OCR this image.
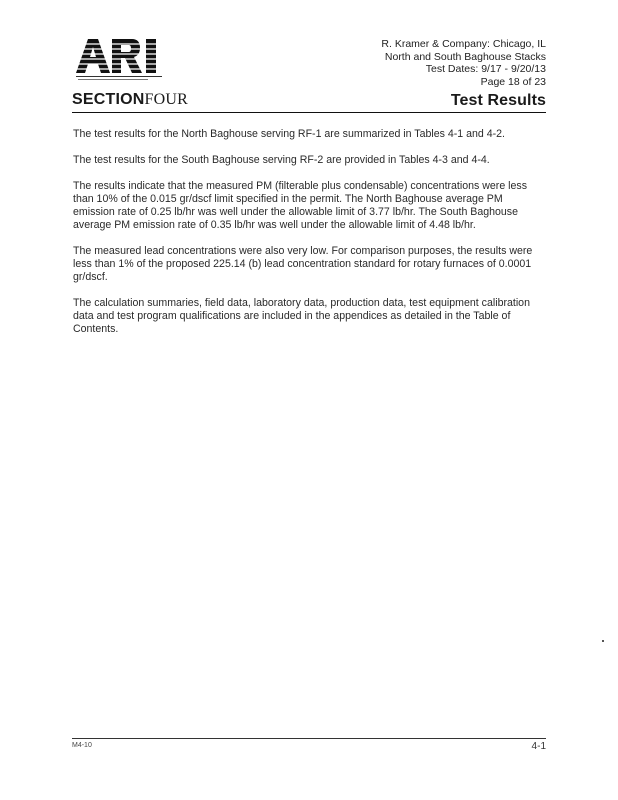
R. Kramer & Company: Chicago, IL
North and South Baghouse Stacks
Test Dates: 9/17 - 9/20/13
Page 18 of 23
SECTIONFOUR	Test Results

The test results for the North Baghouse serving RF-1 are summarized in Tables 4-1 and 4-2.

The test results for the South Baghouse serving RF-2 are provided in Tables 4-3 and 4-4.

The results indicate that the measured PM (filterable plus condensable) concentrations were less than 10% of the 0.015 gr/dscf limit specified in the permit. The North Baghouse average PM emission rate of 0.25 lb/hr was well under the allowable limit of 3.77 lb/hr. The South Baghouse average PM emission rate of 0.35 lb/hr was well under the allowable limit of 4.48 lb/hr.

The measured lead concentrations were also very low. For comparison purposes, the results were less than 1% of the proposed 225.14 (b) lead concentration standard for rotary furnaces of 0.0001 gr/dscf.

The calculation summaries, field data, laboratory data, production data, test equipment calibration data and test program qualifications are included in the appendices as detailed in the Table of Contents.

M4-10	4-1
